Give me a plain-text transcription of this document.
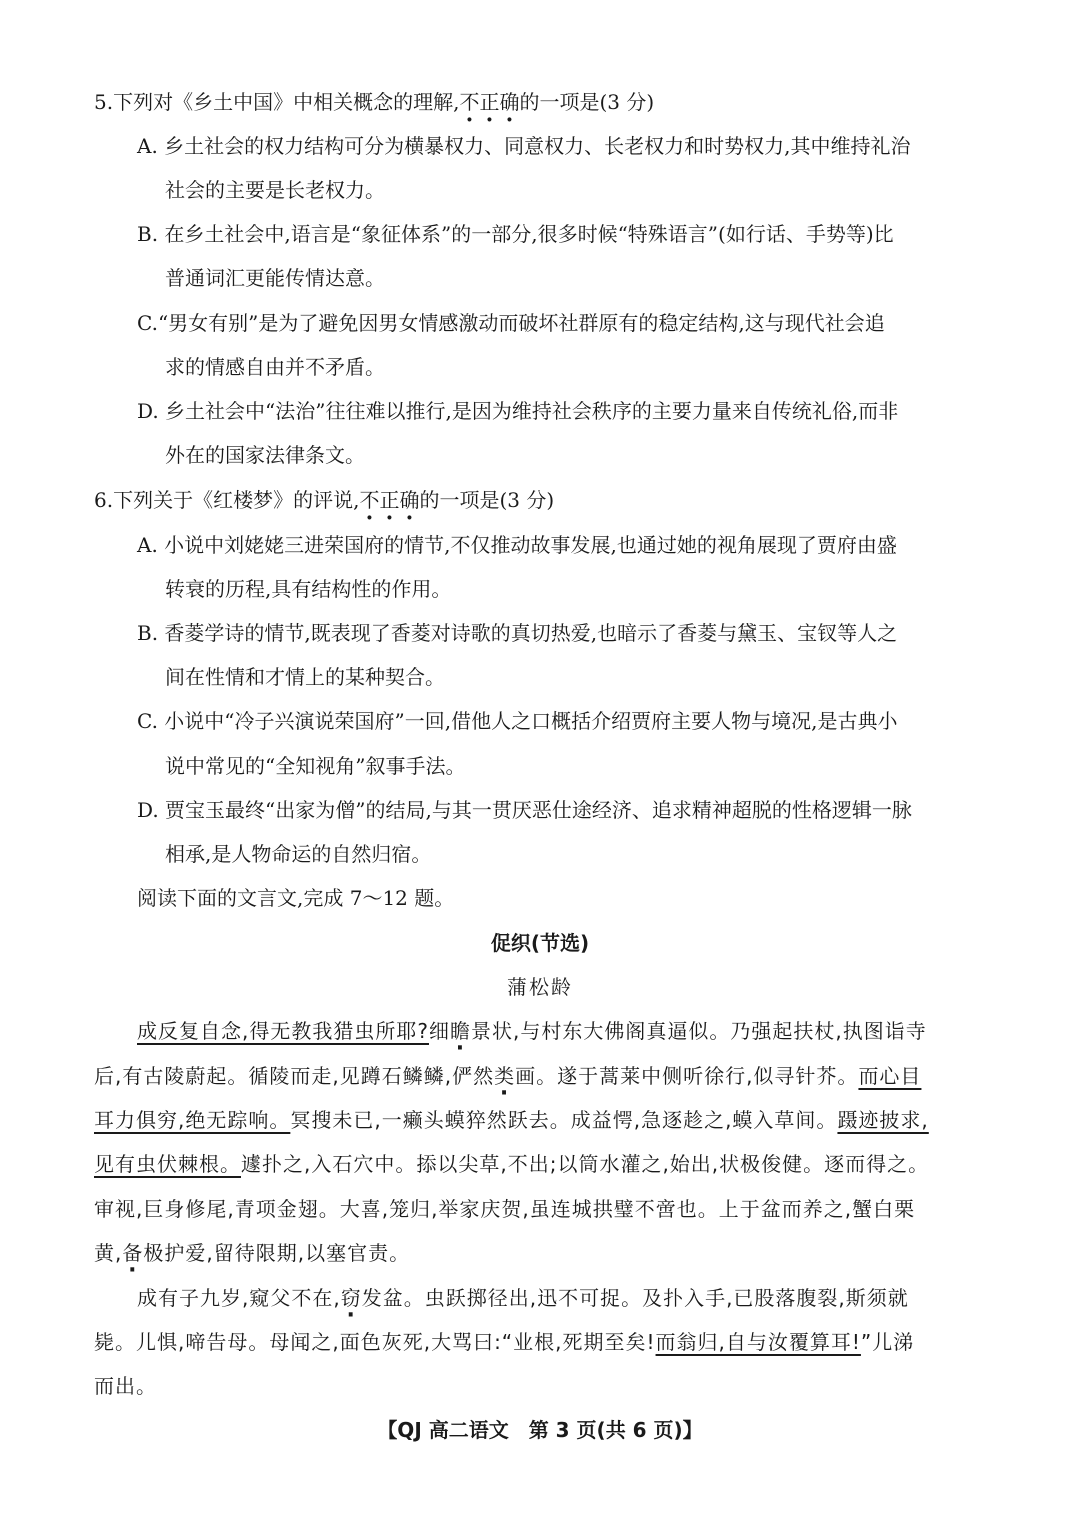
5.下列对《乡土中国》中相关概念的理解,不正确的一项是(3 分)
A. 乡土社会的权力结构可分为横暴权力、同意权力、长老权力和时势权力,其中维持礼治
社会的主要是长老权力。
B. 在乡土社会中,语言是“象征体系”的一部分,很多时候“特殊语言”(如行话、手势等)比
普通词汇更能传情达意。
C.“男女有别”是为了避免因男女情感激动而破坏社群原有的稳定结构,这与现代社会追
求的情感自由并不矛盾。
D. 乡土社会中“法治”往往难以推行,是因为维持社会秩序的主要力量来自传统礼俗,而非
外在的国家法律条文。
6.下列关于《红楼梦》的评说,不正确的一项是(3 分)
A. 小说中刘姥姥三进荣国府的情节,不仅推动故事发展,也通过她的视角展现了贾府由盛
转衰的历程,具有结构性的作用。
B. 香菱学诗的情节,既表现了香菱对诗歌的真切热爱,也暗示了香菱与黛玉、宝钗等人之
间在性情和才情上的某种契合。
C. 小说中“冷子兴演说荣国府”一回,借他人之口概括介绍贾府主要人物与境况,是古典小
说中常见的“全知视角”叙事手法。
D. 贾宝玉最终“出家为僧”的结局,与其一贯厌恶仕途经济、追求精神超脱的性格逻辑一脉
相承,是人物命运的自然归宿。
阅读下面的文言文,完成 7～12 题。
促织(节选)
蒲松龄
成反复自念,得无教我猎虫所耶?细瞻景状,与村东大佛阁真逼似。乃强起扶杖,执图诣寺
后,有古陵蔚起。循陵而走,见蹲石鳞鳞,俨然类画。遂于蒿莱中侧听徐行,似寻针芥。而心目
耳力俱穷,绝无踪响。冥搜未已,一癞头蟆猝然跃去。成益愕,急逐趁之,蟆入草间。蹑迹披求,
见有虫伏棘根。遽扑之,入石穴中。掭以尖草,不出;以筒水灌之,始出,状极俊健。逐而得之。
审视,巨身修尾,青项金翅。大喜,笼归,举家庆贺,虽连城拱璧不啻也。上于盆而养之,蟹白栗
黄,备极护爱,留待限期,以塞官责。
成有子九岁,窥父不在,窃发盆。虫跃掷径出,迅不可捉。及扑入手,已股落腹裂,斯须就
毙。儿惧,啼告母。母闻之,面色灰死,大骂曰:“业根,死期至矣!而翁归,自与汝覆算耳!”儿涕
而出。
【QJ 高二语文　第 3 页(共 6 页)】
